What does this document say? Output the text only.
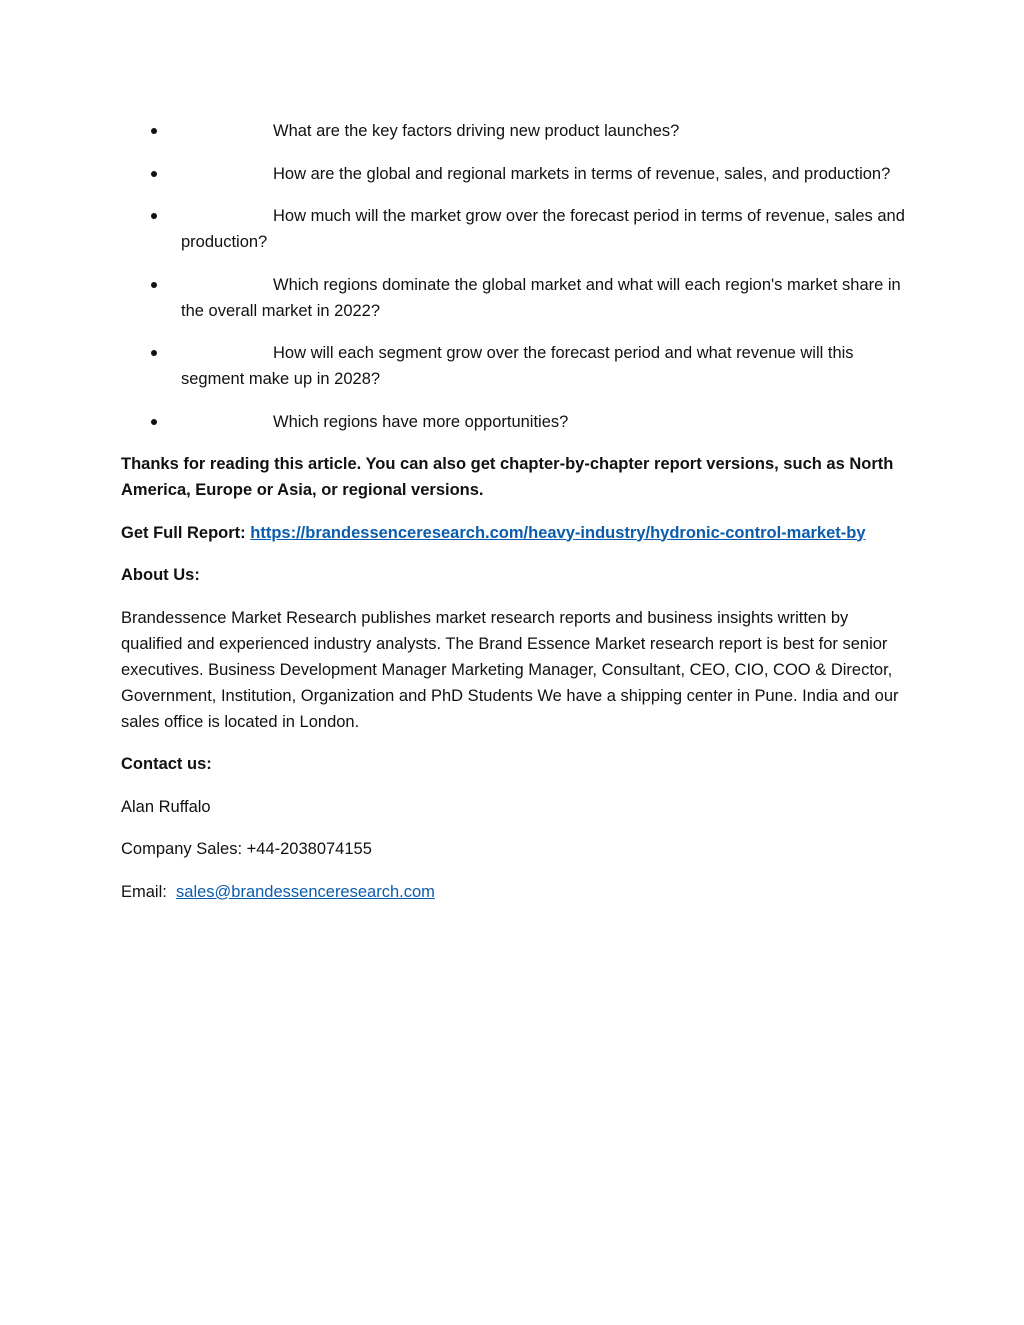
What are the key factors driving new product launches?
How are the global and regional markets in terms of revenue, sales, and production?
How much will the market grow over the forecast period in terms of revenue, sales and production?
Which regions dominate the global market and what will each region's market share in the overall market in 2022?
How will each segment grow over the forecast period and what revenue will this segment make up in 2028?
Which regions have more opportunities?

Thanks for reading this article. You can also get chapter-by-chapter report versions, such as North America, Europe or Asia, or regional versions.

Get Full Report: https://brandessenceresearch.com/heavy-industry/hydronic-control-market-by

About Us:

Brandessence Market Research publishes market research reports and business insights written by qualified and experienced industry analysts. The Brand Essence Market research report is best for senior executives. Business Development Manager Marketing Manager, Consultant, CEO, CIO, COO & Director, Government, Institution, Organization and PhD Students We have a shipping center in Pune. India and our sales office is located in London.

Contact us:

Alan Ruffalo

Company Sales: +44-2038074155

Email: sales@brandessenceresearch.com
